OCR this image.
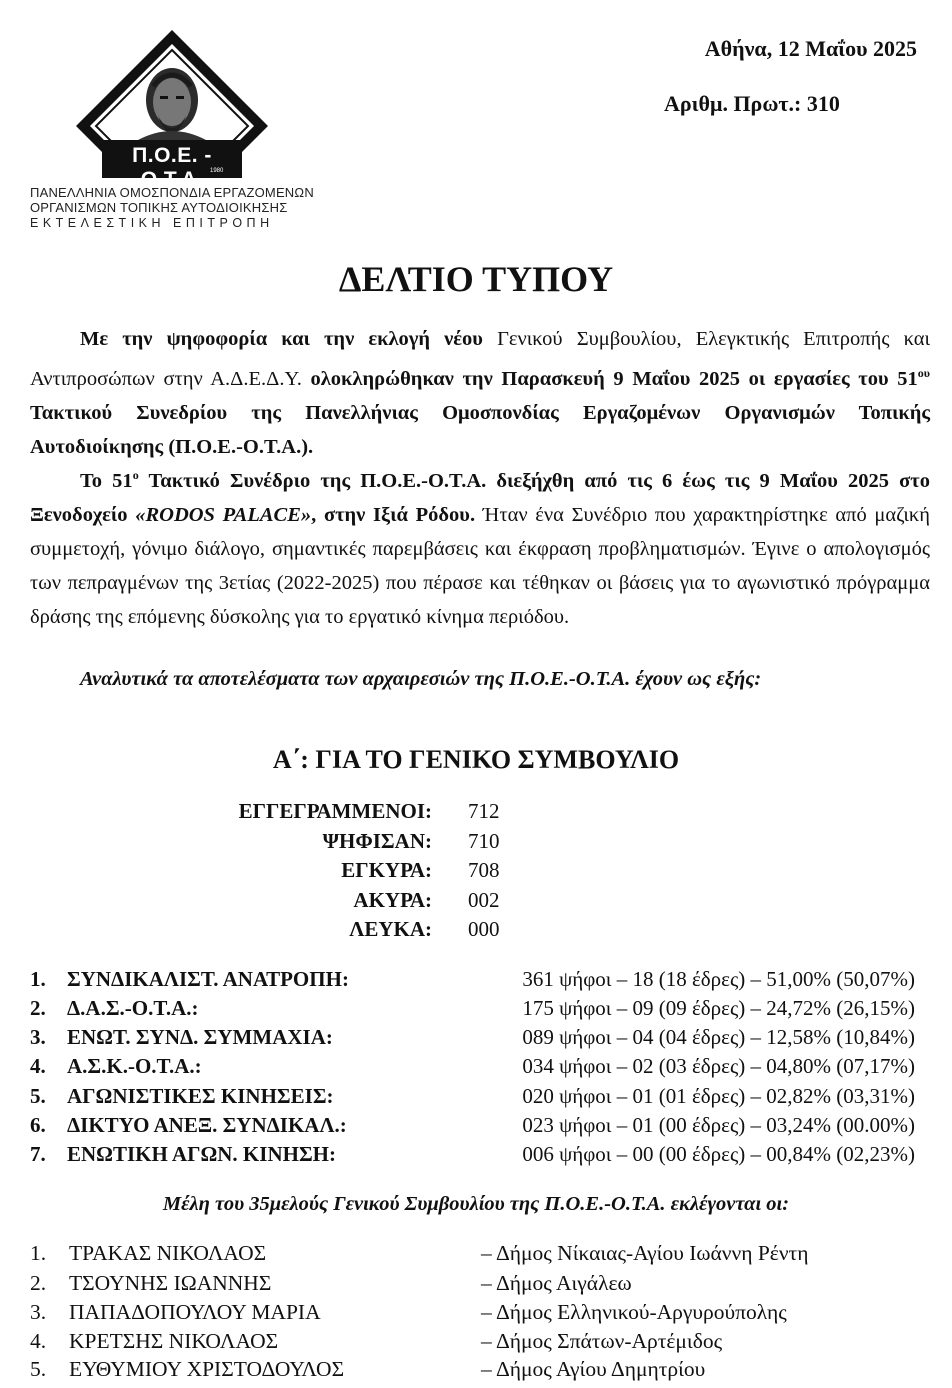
Π.Ο.Ε. - Ο.Τ.Α.	1980
ΠΑΝΕΛΛΗΝΙΑ ΟΜΟΣΠΟΝΔΙΑ ΕΡΓΑΖΟΜΕΝΩΝ
ΟΡΓΑΝΙΣΜΩΝ ΤΟΠΙΚΗΣ ΑΥΤΟΔΙΟΙΚΗΣΗΣ
ΕΚΤΕΛΕΣΤΙΚΗ ΕΠΙΤΡΟΠΗ
Αθήνα, 12 Μαΐου 2025
Αριθμ. Πρωτ.: 310
ΔΕΛΤΙΟ ΤΥΠΟΥ
Με την ψηφοφορία και την εκλογή νέου Γενικού Συμβουλίου, Ελεγκτικής Επιτροπής και Αντιπροσώπων στην Α.Δ.Ε.Δ.Υ. ολοκληρώθηκαν την Παρασκευή 9 Μαΐου 2025 οι εργασίες του $51^{o\upsilon}$ Τακτικού Συνεδρίου της Πανελλήνιας Ομοσπονδίας Εργαζομένων Οργανισμών Τοπικής Αυτοδιοίκησης (Π.Ο.Ε.-Ο.Τ.Α.).
Το $51^o$ Τακτικό Συνέδριο της Π.Ο.Ε.-Ο.Τ.Α. διεξήχθη από τις 6 έως τις 9 Μαΐου 2025 στο Ξενοδοχείο «RODOS PALACE», στην Ιξιά Ρόδου. Ήταν ένα Συνέδριο που χαρακτηρίστηκε από μαζική συμμετοχή, γόνιμο διάλογο, σημαντικές παρεμβάσεις και έκφραση προβληματισμών. Έγινε ο απολογισμός των πεπραγμένων της 3ετίας (2022-2025) που πέρασε και τέθηκαν οι βάσεις για το αγωνιστικό πρόγραμμα δράσης της επόμενης δύσκολης για το εργατικό κίνημα περιόδου.
Αναλυτικά τα αποτελέσματα των αρχαιρεσιών της Π.Ο.Ε.-Ο.Τ.Α. έχουν ως εξής:
Α΄: ΓΙΑ ΤΟ ΓΕΝΙΚΟ ΣΥΜΒΟΥΛΙΟ
ΕΓΓΕΓΡΑΜΜΕΝΟΙ: 712
ΨΗΦΙΣΑΝ: 710
ΕΓΚΥΡΑ: 708
ΑΚΥΡΑ: 002
ΛΕΥΚΑ: 000
1. ΣΥΝΔΙΚΑΛΙΣΤ. ΑΝΑΤΡΟΠΗ:	361 ψήφοι – 18 (18 έδρες) – 51,00% (50,07%)
2. Δ.Α.Σ.-Ο.Τ.Α.:	175 ψήφοι – 09 (09 έδρες) – 24,72% (26,15%)
3. ΕΝΩΤ. ΣΥΝΔ. ΣΥΜΜΑΧΙΑ:	089 ψήφοι – 04 (04 έδρες) – 12,58% (10,84%)
4. Α.Σ.Κ.-Ο.Τ.Α.:	034 ψήφοι – 02 (03 έδρες) – 04,80% (07,17%)
5. ΑΓΩΝΙΣΤΙΚΕΣ ΚΙΝΗΣΕΙΣ:	020 ψήφοι – 01 (01 έδρες) – 02,82% (03,31%)
6. ΔΙΚΤΥΟ ΑΝΕΞ. ΣΥΝΔΙΚΑΛ.:	023 ψήφοι – 01 (00 έδρες) – 03,24% (00.00%)
7. ΕΝΩΤΙΚΗ ΑΓΩΝ. ΚΙΝΗΣΗ:	006 ψήφοι – 00 (00 έδρες) – 00,84% (02,23%)
Μέλη του 35μελούς Γενικού Συμβουλίου της Π.Ο.Ε.-Ο.Τ.Α. εκλέγονται οι:
1. ΤΡΑΚΑΣ ΝΙΚΟΛΑΟΣ	– Δήμος Νίκαιας-Αγίου Ιωάννη Ρέντη
2. ΤΣΟΥΝΗΣ ΙΩΑΝΝΗΣ	– Δήμος Αιγάλεω
3. ΠΑΠΑΔΟΠΟΥΛΟΥ ΜΑΡΙΑ	– Δήμος Ελληνικού-Αργυρούπολης
4. ΚΡΕΤΣΗΣ ΝΙΚΟΛΑΟΣ	– Δήμος Σπάτων-Αρτέμιδος
5. ΕΥΘΥΜΙΟΥ ΧΡΙΣΤΟΔΟΥΛΟΣ	– Δήμος Αγίου Δημητρίου
